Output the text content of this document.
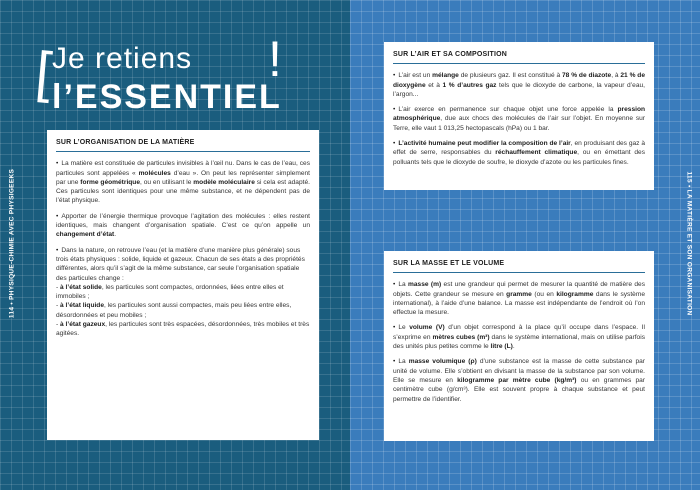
114 • PHYSIQUE-CHIMIE AVEC PHYSIGEEKS
[
Je retiens
l’ESSENTIEL
!
SUR L’ORGANISATION DE LA MATIÈRE
• La matière est constituée de particules invisibles à l’œil nu. Dans le cas de l’eau, ces particules sont appelées « molécules d’eau ». On peut les représenter simplement par une forme géométrique, ou en utilisant le modèle moléculaire si cela est adapté. Ces particules sont identiques pour une même substance, et ne dépendent pas de l’état physique.
• Apporter de l’énergie thermique provoque l’agitation des molécules : elles restent identiques, mais changent d’organisation spatiale. C’est ce qu’on appelle un changement d’état.
• Dans la nature, on retrouve l’eau (et la matière d’une manière plus générale) sous trois états physiques : solide, liquide et gazeux. Chacun de ses états a des propriétés différentes, alors qu’il s’agit de la même substance, car seule l’organisation spatiale des particules change :

- à l’état solide, les particules sont compactes, ordonnées, liées entre elles et immobiles ;

- à l’état liquide, les particules sont aussi compactes, mais peu liées entre elles, désordonnées et peu mobiles ;

- à l’état gazeux, les particules sont très espacées, désordonnées, très mobiles et très agitées.

115 • LA MATIÈRE ET SON ORGANISATION
SUR L’AIR ET SA COMPOSITION
• L’air est un mélange de plusieurs gaz. Il est constitué à 78 % de diazote, à 21 % de dioxygène et à 1 % d’autres gaz tels que le dioxyde de carbone, la vapeur d’eau, l’argon...
• L’air exerce en permanence sur chaque objet une force appelée la pression atmosphérique, due aux chocs des molécules de l’air sur l’objet. En moyenne sur Terre, elle vaut 1 013,25 hectopascals (hPa) ou 1 bar.
• L’activité humaine peut modifier la composition de l’air, en produisant des gaz à effet de serre, responsables du réchauffement climatique, ou en émettant des polluants tels que le dioxyde de soufre, le dioxyde d’azote ou les particules fines.
SUR LA MASSE ET LE VOLUME
• La masse (m) est une grandeur qui permet de mesurer la quantité de matière des objets. Cette grandeur se mesure en gramme (ou en kilogramme dans le système international), à l’aide d’une balance. La masse est indépendante de l’endroit où l’on effectue la mesure.
• Le volume (V) d’un objet correspond à la place qu’il occupe dans l’espace. Il s’exprime en mètres cubes (m³) dans le système international, mais on utilise parfois des unités plus petites comme le litre (L).
• La masse volumique (ρ) d’une substance est la masse de cette substance par unité de volume. Elle s’obtient en divisant la masse de la substance par son volume. Elle se mesure en kilogramme par mètre cube (kg/m³) ou en grammes par centimètre cube (g/cm³). Elle est souvent propre à chaque substance et peut permettre de l’identifier.
